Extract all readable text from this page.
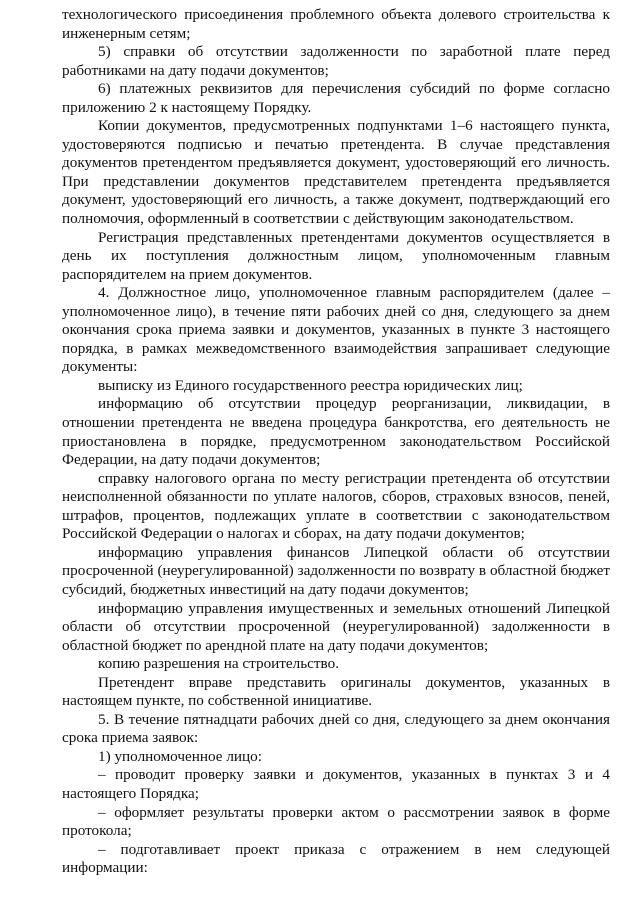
технологического присоединения проблемного объекта долевого строительства к инженерным сетям;

5) справки об отсутствии задолженности по заработной плате перед работниками на дату подачи документов;

6) платежных реквизитов для перечисления субсидий по форме согласно приложению 2 к настоящему Порядку.

Копии документов, предусмотренных подпунктами 1–6 настоящего пункта, удостоверяются подписью и печатью претендента. В случае представления документов претендентом предъявляется документ, удостоверяющий его личность. При представлении документов представителем претендента предъявляется документ, удостоверяющий его личность, а также документ, подтверждающий его полномочия, оформленный в соответствии с действующим законодательством.

Регистрация представленных претендентами документов осуществляется в день их поступления должностным лицом, уполномоченным главным распорядителем на прием документов.

4. Должностное лицо, уполномоченное главным распорядителем (далее – уполномоченное лицо), в течение пяти рабочих дней со дня, следующего за днем окончания срока приема заявки и документов, указанных в пункте 3 настоящего порядка, в рамках межведомственного взаимодействия запрашивает следующие документы:

выписку из Единого государственного реестра юридических лиц;

информацию об отсутствии процедур реорганизации, ликвидации, в отношении претендента не введена процедура банкротства, его деятельность не приостановлена в порядке, предусмотренном законодательством Российской Федерации, на дату подачи документов;

справку налогового органа по месту регистрации претендента об отсутствии неисполненной обязанности по уплате налогов, сборов, страховых взносов, пеней, штрафов, процентов, подлежащих уплате в соответствии с законодательством Российской Федерации о налогах и сборах, на дату подачи документов;

информацию управления финансов Липецкой области об отсутствии просроченной (неурегулированной) задолженности по возврату в областной бюджет субсидий, бюджетных инвестиций на дату подачи документов;

информацию управления имущественных и земельных отношений Липецкой области об отсутствии просроченной (неурегулированной) задолженности в областной бюджет по арендной плате на дату подачи документов;

копию разрешения на строительство.

Претендент вправе представить оригиналы документов, указанных в настоящем пункте, по собственной инициативе.

5. В течение пятнадцати рабочих дней со дня, следующего за днем окончания срока приема заявок:

1) уполномоченное лицо:

– проводит проверку заявки и документов, указанных в пунктах 3 и 4 настоящего Порядка;

– оформляет результаты проверки актом о рассмотрении заявок в форме протокола;

– подготавливает проект приказа с отражением в нем следующей информации:
